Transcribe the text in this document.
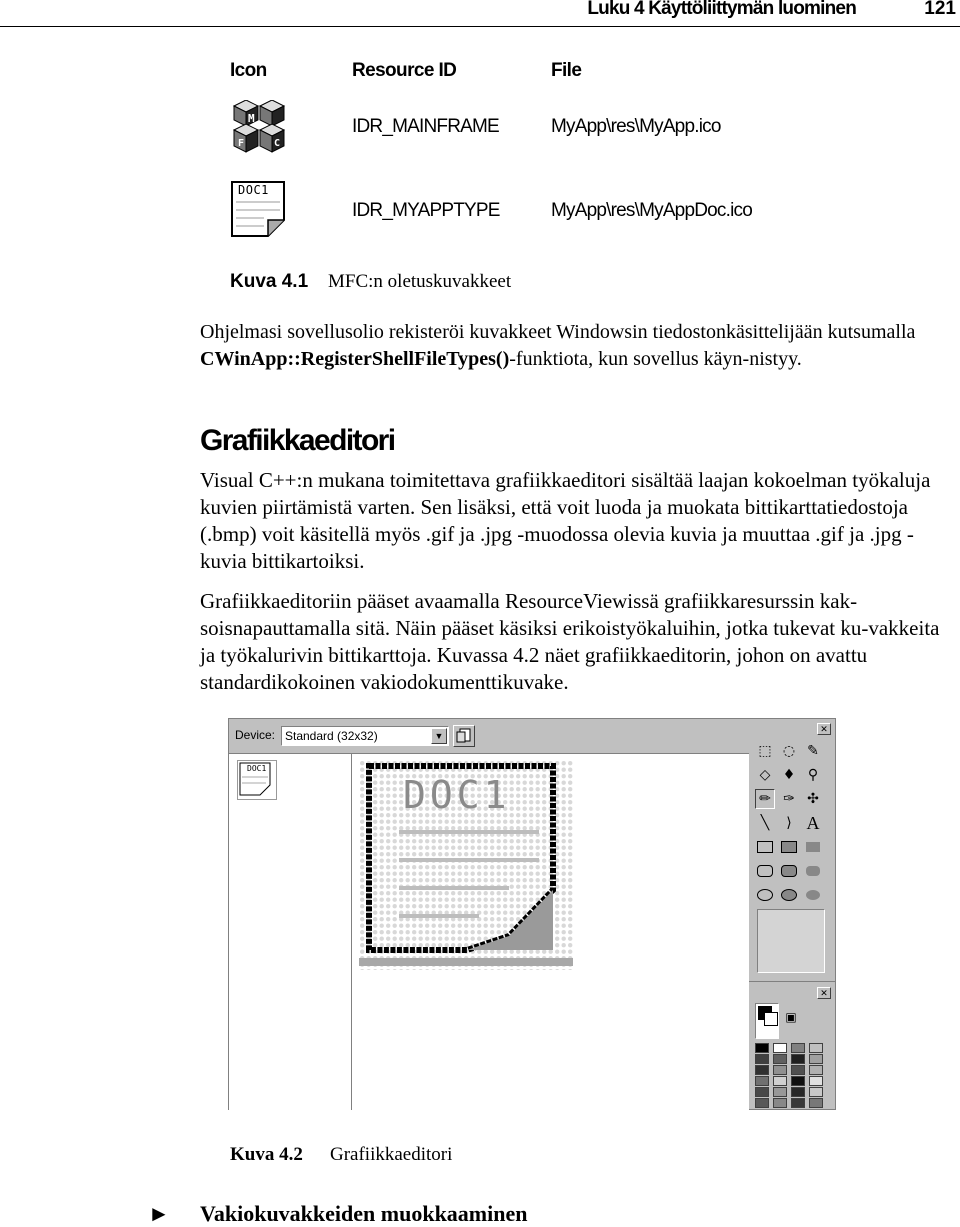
Luku 4 Käyttöliittymän luominen	121
Icon	Resource ID	File
M
F	C
IDR_MAINFRAME	MyApp\res\MyApp.ico
DOC1
IDR_MYAPPTYPE	MyApp\res\MyAppDoc.ico
Kuva 4.1 MFC:n oletuskuvakkeet

Ohjelmasi sovellusolio rekisteröi kuvakkeet Windowsin tiedostonkäsittelijään kutsumalla CWinApp::RegisterShellFileTypes()-funktiota, kun sovellus käyn-nistyy.

Grafiikkaeditori

Visual C++:n mukana toimitettava grafiikkaeditori sisältää laajan kokoelman työkaluja kuvien piirtämistä varten. Sen lisäksi, että voit luoda ja muokata bittikarttatiedostoja (.bmp) voit käsitellä myös .gif ja .jpg -muodossa olevia kuvia ja muuttaa .gif ja .jpg -kuvia bittikartoiksi.

Grafiikkaeditoriin pääset avaamalla ResourceViewissä grafiikkaresurssin kak-soisnapauttamalla sitä. Näin pääset käsiksi erikoistyökaluihin, jotka tukevat ku-vakkeita ja työkalurivin bittikarttoja. Kuvassa 4.2 näet grafiikkaeditorin, johon on avattu standardikokoinen vakiodokumenttikuvake.

Device: Standard (32x32)	▼
DOC1
DOC1
✕
⬚ ◌ ✎
◇ ♦ ⚲
✏ ✑ ✣
╲	⟩ A
✕
▣
Kuva 4.2 Grafiikkaeditori
► Vakiokuvakkeiden muokkaaminen
